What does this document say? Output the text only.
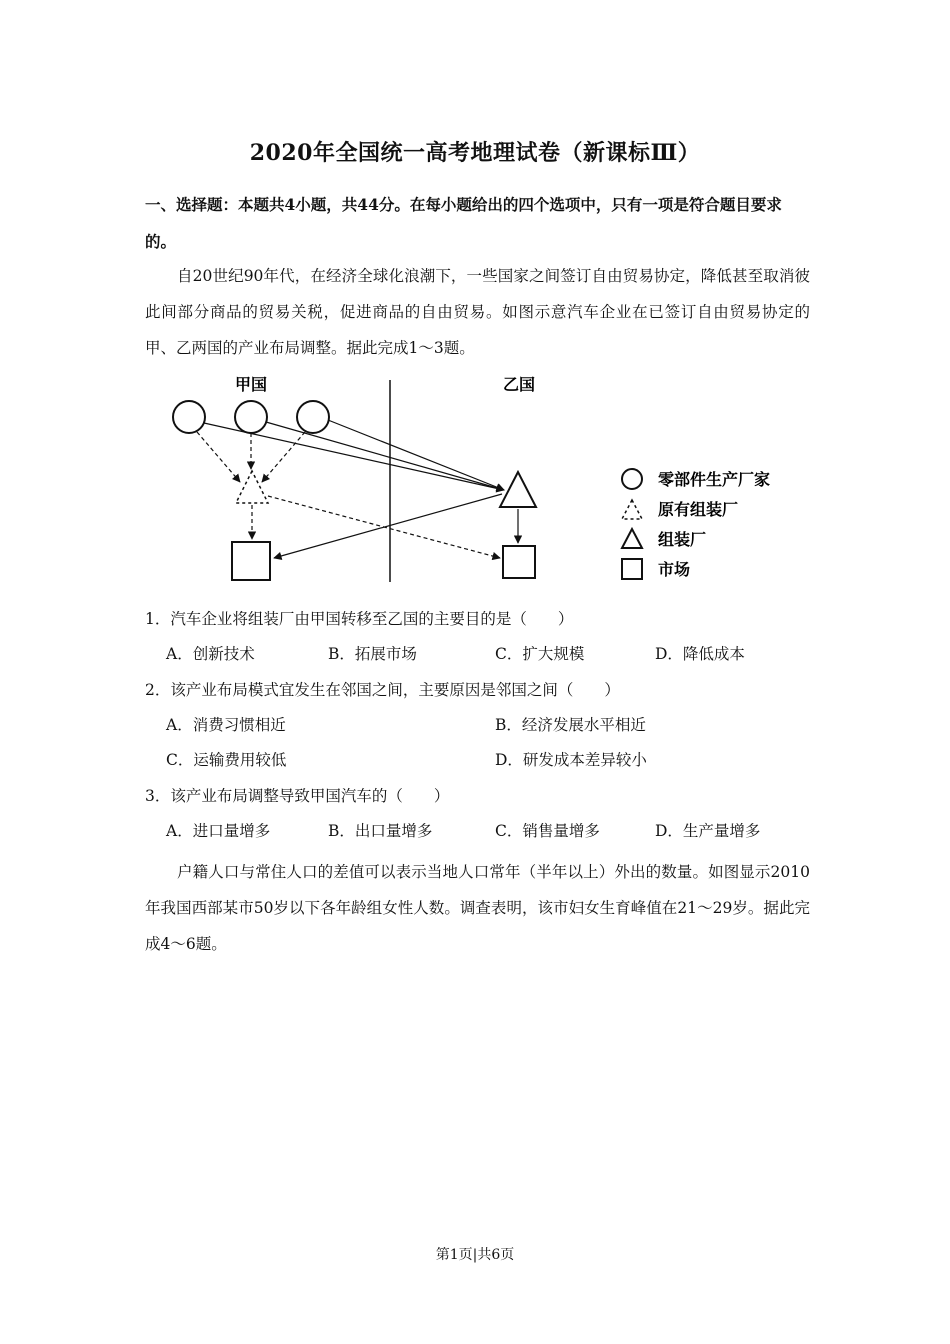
2020年全国统一高考地理试卷（新课标Ⅲ）
一、选择题：本题共4小题，共44分。在每小题给出的四个选项中，只有一项是符合题目要求的。
自20世纪90年代，在经济全球化浪潮下，一些国家之间签订自由贸易协定，降低甚至取消彼此间部分商品的贸易关税，促进商品的自由贸易。如图示意汽车企业在已签订自由贸易协定的甲、乙两国的产业布局调整。据此完成1～3题。
甲国	乙国
零部件生产厂家
原有组装厂
组装厂
市场
1．汽车企业将组装厂由甲国转移至乙国的主要目的是（　　）
A．创新技术	B．拓展市场	C．扩大规模	D．降低成本
2．该产业布局模式宜发生在邻国之间，主要原因是邻国之间（　　）
A．消费习惯相近	B．经济发展水平相近
C．运输费用较低	D．研发成本差异较小
3．该产业布局调整导致甲国汽车的（　　）
A．进口量增多	B．出口量增多	C．销售量增多	D．生产量增多
户籍人口与常住人口的差值可以表示当地人口常年（半年以上）外出的数量。如图显示2010年我国西部某市50岁以下各年龄组女性人数。调查表明，该市妇女生育峰值在21～29岁。据此完成4～6题。
第1页|共6页
